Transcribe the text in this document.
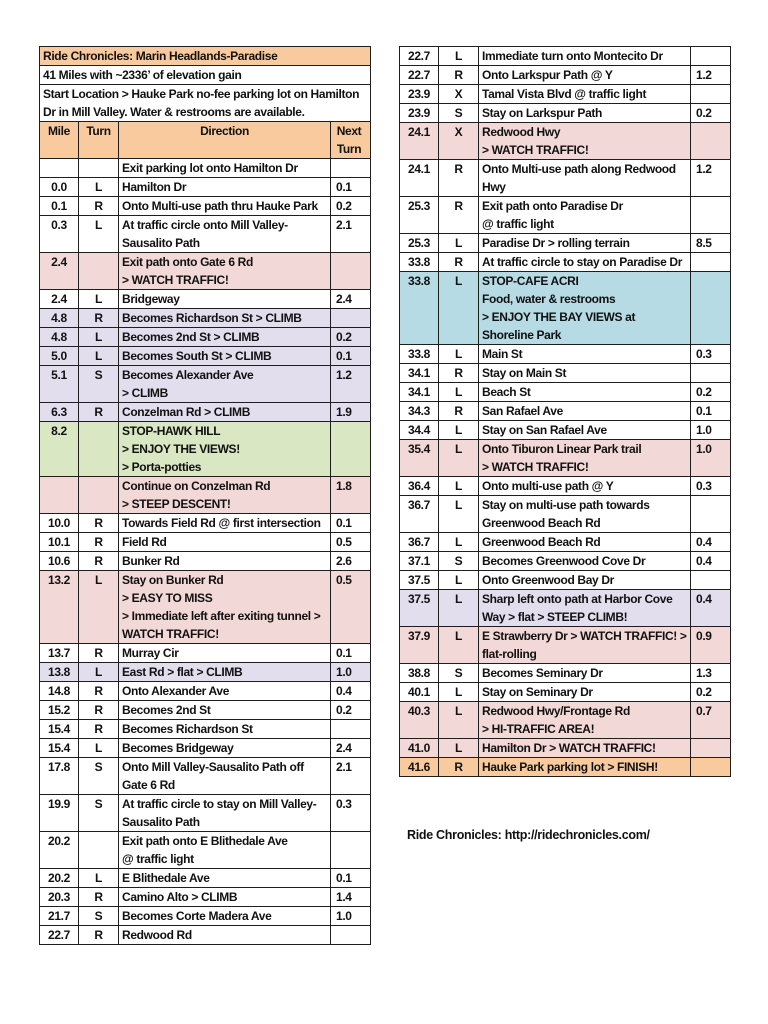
Ride Chronicles: Marin Headlands-Paradise			
41 Miles with ~2336’ of elevation gain			
Start Location > Hauke Park no-fee parking lot on Hamilton Dr in Mill Valley. Water & restrooms are available.			
Mile	Turn	Direction	Next Turn
		Exit parking lot onto Hamilton Dr	
0.0	L	Hamilton Dr	0.1
0.1	R	Onto Multi-use path thru Hauke Park	0.2
0.3	L	At traffic circle onto Mill Valley-Sausalito Path	2.1
2.4		Exit path onto Gate 6 Rd
> WATCH TRAFFIC!	
2.4	L	Bridgeway	2.4
4.8	R	Becomes Richardson St > CLIMB	
4.8	L	Becomes 2nd St > CLIMB	0.2
5.0	L	Becomes South St > CLIMB	0.1
5.1	S	Becomes Alexander Ave
> CLIMB	1.2
6.3	R	Conzelman Rd > CLIMB	1.9
8.2		STOP-HAWK HILL
> ENJOY THE VIEWS!
> Porta-potties	
		Continue on Conzelman Rd
> STEEP DESCENT!	1.8
10.0	R	Towards Field Rd @ first intersection	0.1
10.1	R	Field Rd	0.5
10.6	R	Bunker Rd	2.6
13.2	L	Stay on Bunker Rd
> EASY TO MISS
> Immediate left after exiting tunnel > WATCH TRAFFIC!	0.5
13.7	R	Murray Cir	0.1
13.8	L	East Rd > flat > CLIMB	1.0
14.8	R	Onto Alexander Ave	0.4
15.2	R	Becomes 2nd St	0.2
15.4	R	Becomes Richardson St	
15.4	L	Becomes Bridgeway	2.4
17.8	S	Onto Mill Valley-Sausalito Path off Gate 6 Rd	2.1
19.9	S	At traffic circle to stay on Mill Valley-Sausalito Path	0.3
20.2		Exit path onto E Blithedale Ave
@ traffic light	
20.2	L	E Blithedale Ave	0.1
20.3	R	Camino Alto > CLIMB	1.4
21.7	S	Becomes Corte Madera Ave	1.0
22.7	R	Redwood Rd	
22.7	L	Immediate turn onto Montecito Dr	
22.7	R	Onto Larkspur Path @ Y	1.2
23.9	X	Tamal Vista Blvd @ traffic light	
23.9	S	Stay on Larkspur Path	0.2
24.1	X	Redwood Hwy
> WATCH TRAFFIC!	
24.1	R	Onto Multi-use path along Redwood Hwy	1.2
25.3	R	Exit path onto Paradise Dr
@ traffic light	
25.3	L	Paradise Dr > rolling terrain	8.5
33.8	R	At traffic circle to stay on Paradise Dr	
33.8	L	STOP-CAFE ACRI
Food, water & restrooms
> ENJOY THE BAY VIEWS at Shoreline Park	
33.8	L	Main St	0.3
34.1	R	Stay on Main St	
34.1	L	Beach St	0.2
34.3	R	San Rafael Ave	0.1
34.4	L	Stay on San Rafael Ave	1.0
35.4	L	Onto Tiburon Linear Park trail
> WATCH TRAFFIC!	1.0
36.4	L	Onto multi-use path @ Y	0.3
36.7	L	Stay on multi-use path towards Greenwood Beach Rd	
36.7	L	Greenwood Beach Rd	0.4
37.1	S	Becomes Greenwood Cove Dr	0.4
37.5	L	Onto Greenwood Bay Dr	
37.5	L	Sharp left onto path at Harbor Cove Way > flat > STEEP CLIMB!	0.4
37.9	L	E Strawberry Dr > WATCH TRAFFIC! > flat-rolling	0.9
38.8	S	Becomes Seminary Dr	1.3
40.1	L	Stay on Seminary Dr	0.2
40.3	L	Redwood Hwy/Frontage Rd
> HI-TRAFFIC AREA!	0.7
41.0	L	Hamilton Dr > WATCH TRAFFIC!	
41.6	R	Hauke Park parking lot > FINISH!	
Ride Chronicles: http://ridechronicles.com/
